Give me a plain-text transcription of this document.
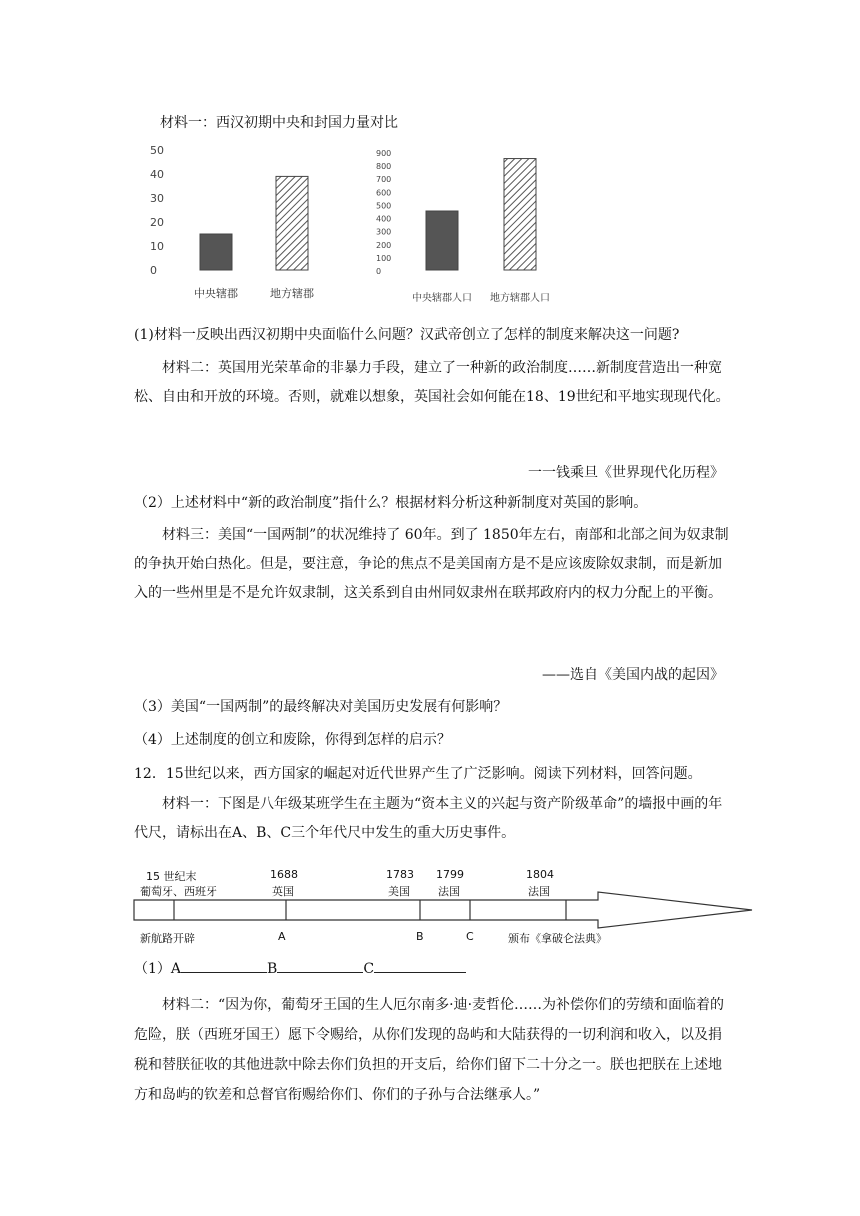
材料一：西汉初期中央和封国力量对比
50
40
30
20
10
0
中央辖郡	地方辖郡
900
800
700
600
500
400
300
200
100
0
中央辖郡人口 地方辖郡人口
(1)材料一反映出西汉初期中央面临什么问题？汉武帝创立了怎样的制度来解决这一问题?
材料二：英国用光荣革命的非暴力手段，建立了一种新的政治制度……新制度营造出一种宽松、自由和开放的环境。否则，就难以想象，英国社会如何能在18、19世纪和平地实现现代化。
一一钱乘旦《世界现代化历程》
（2）上述材料中“新的政治制度”指什么？根据材料分析这种新制度对英国的影响。
材料三：美国“一国两制”的状况维持了 60年。到了 1850年左右，南部和北部之间为奴隶制的争执开始白热化。但是，要注意，争论的焦点不是美国南方是不是应该废除奴隶制，而是新加入的一些州里是不是允许奴隶制，这关系到自由州同奴隶州在联邦政府内的权力分配上的平衡。
——选自《美国内战的起因》
（3）美国“一国两制”的最终解决对美国历史发展有何影响？
（4）上述制度的创立和废除，你得到怎样的启示？
12．15世纪以来，西方国家的崛起对近代世界产生了广泛影响。阅读下列材料，回答问题。
材料一：下图是八年级某班学生在主题为“资本主义的兴起与资产阶级革命”的墙报中画的年代尺，请标出在A、B、C三个年代尺中发生的重大历史事件。
15 世纪末
葡萄牙、西班牙
1688
英国
1783
美国
1799
法国
1804
法国
新航路开辟	A	B	C	颁布《拿破仑法典》
（1）A	B	C
材料二：“因为你，葡萄牙王国的生人厄尔南多·迪·麦哲伦……为补偿你们的劳绩和面临着的危险，朕（西班牙国王）愿下令赐给，从你们发现的岛屿和大陆获得的一切利润和收入，以及捐税和替朕征收的其他进款中除去你们负担的开支后，给你们留下二十分之一。朕也把朕在上述地方和岛屿的钦差和总督官衔赐给你们、你们的子孙与合法继承人。”
